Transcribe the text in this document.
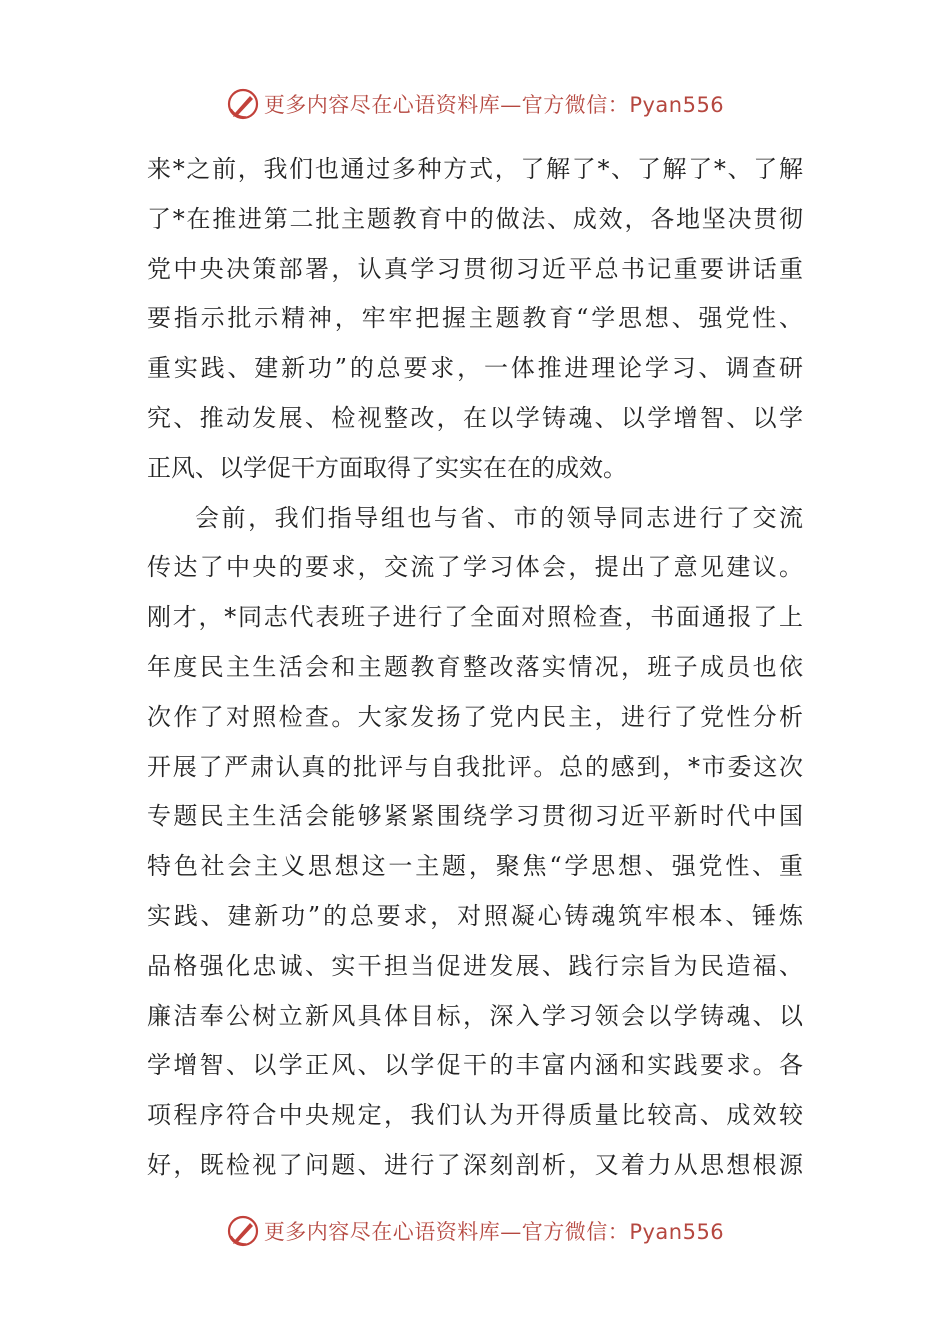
更多内容尽在心语资料库—官方微信：Pyan556
来*之前，我们也通过多种方式，了解了*、了解了*、了解
了*在推进第二批主题教育中的做法、成效，各地坚决贯彻
党中央决策部署，认真学习贯彻习近平总书记重要讲话重
要指示批示精神，牢牢把握主题教育“学思想、强党性、
重实践、建新功”的总要求，一体推进理论学习、调查研
究、推动发展、检视整改，在以学铸魂、以学增智、以学
正风、以学促干方面取得了实实在在的成效。
会前，我们指导组也与省、市的领导同志进行了交流
传达了中央的要求，交流了学习体会，提出了意见建议。
刚才，*同志代表班子进行了全面对照检查，书面通报了上
年度民主生活会和主题教育整改落实情况，班子成员也依
次作了对照检查。大家发扬了党内民主，进行了党性分析
开展了严肃认真的批评与自我批评。总的感到，*市委这次
专题民主生活会能够紧紧围绕学习贯彻习近平新时代中国
特色社会主义思想这一主题，聚焦“学思想、强党性、重
实践、建新功”的总要求，对照凝心铸魂筑牢根本、锤炼
品格强化忠诚、实干担当促进发展、践行宗旨为民造福、
廉洁奉公树立新风具体目标，深入学习领会以学铸魂、以
学增智、以学正风、以学促干的丰富内涵和实践要求。各
项程序符合中央规定，我们认为开得质量比较高、成效较
好，既检视了问题、进行了深刻剖析，又着力从思想根源
更多内容尽在心语资料库—官方微信：Pyan556
